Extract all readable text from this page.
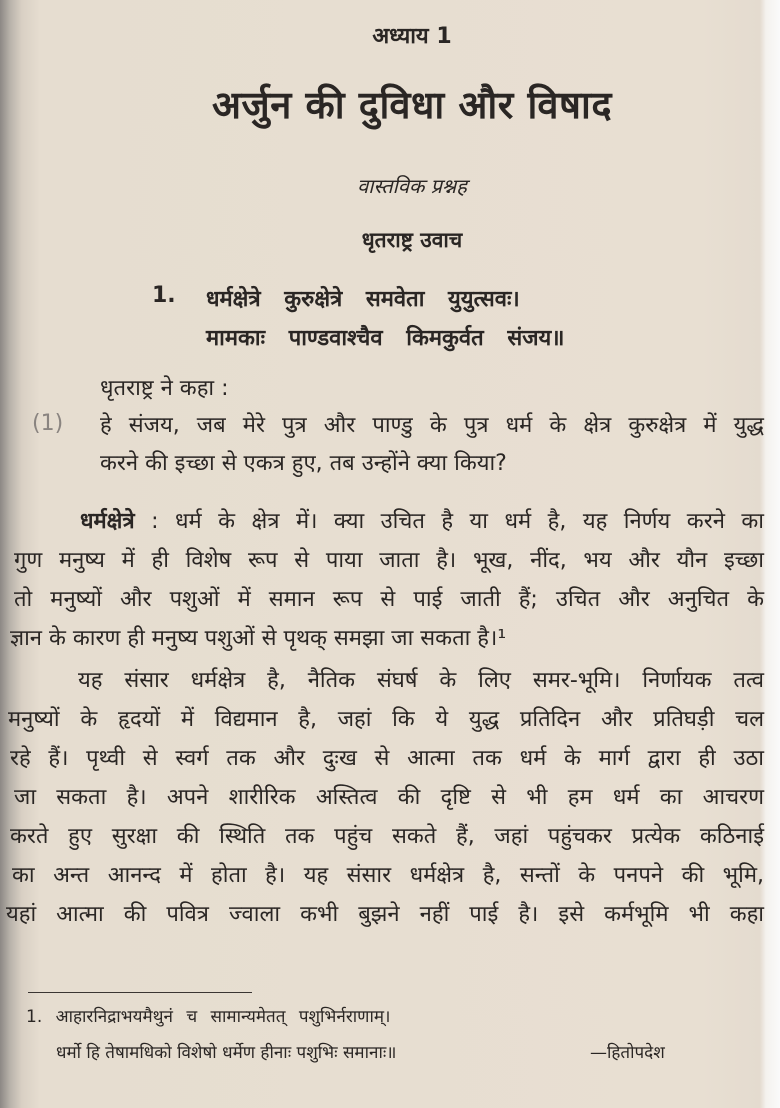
अध्याय 1
अर्जुन की दुविधा और विषाद
वास्तविक प्रश्नह
धृतराष्ट्र उवाच
1. धर्मक्षेत्रे कुरुक्षेत्रे समवेता युयुत्सवः।
मामकाः पाण्डवाश्चैव किमकुर्वत संजय॥
धृतराष्ट्र ने कहा :
(1) हे संजय, जब मेरे पुत्र और पाण्डु के पुत्र धर्म के क्षेत्र कुरुक्षेत्र में युद्ध
करने की इच्छा से एकत्र हुए, तब उन्होंने क्या किया?
धर्मक्षेत्रे : धर्म के क्षेत्र में। क्या उचित है या धर्म है, यह निर्णय करने का
गुण मनुष्य में ही विशेष रूप से पाया जाता है। भूख, नींद, भय और यौन इच्छा
तो मनुष्यों और पशुओं में समान रूप से पाई जाती हैं; उचित और अनुचित के
ज्ञान के कारण ही मनुष्य पशुओं से पृथक् समझा जा सकता है।¹
यह संसार धर्मक्षेत्र है, नैतिक संघर्ष के लिए समर-भूमि। निर्णायक तत्व
मनुष्यों के हृदयों में विद्यमान है, जहां कि ये युद्ध प्रतिदिन और प्रतिघड़ी चल
रहे हैं। पृथ्वी से स्वर्ग तक और दुःख से आत्मा तक धर्म के मार्ग द्वारा ही उठा
जा सकता है। अपने शारीरिक अस्तित्व की दृष्टि से भी हम धर्म का आचरण
करते हुए सुरक्षा की स्थिति तक पहुंच सकते हैं, जहां पहुंचकर प्रत्येक कठिनाई
का अन्त आनन्द में होता है। यह संसार धर्मक्षेत्र है, सन्तों के पनपने की भूमि,
यहां आत्मा की पवित्र ज्वाला कभी बुझने नहीं पाई है। इसे कर्मभूमि भी कहा
1. आहारनिद्राभयमैथुनं च सामान्यमेतत् पशुभिर्नराणाम्।
धर्मो हि तेषामधिको विशेषो धर्मेण हीनाः पशुभिः समानाः॥	—हितोपदेश
